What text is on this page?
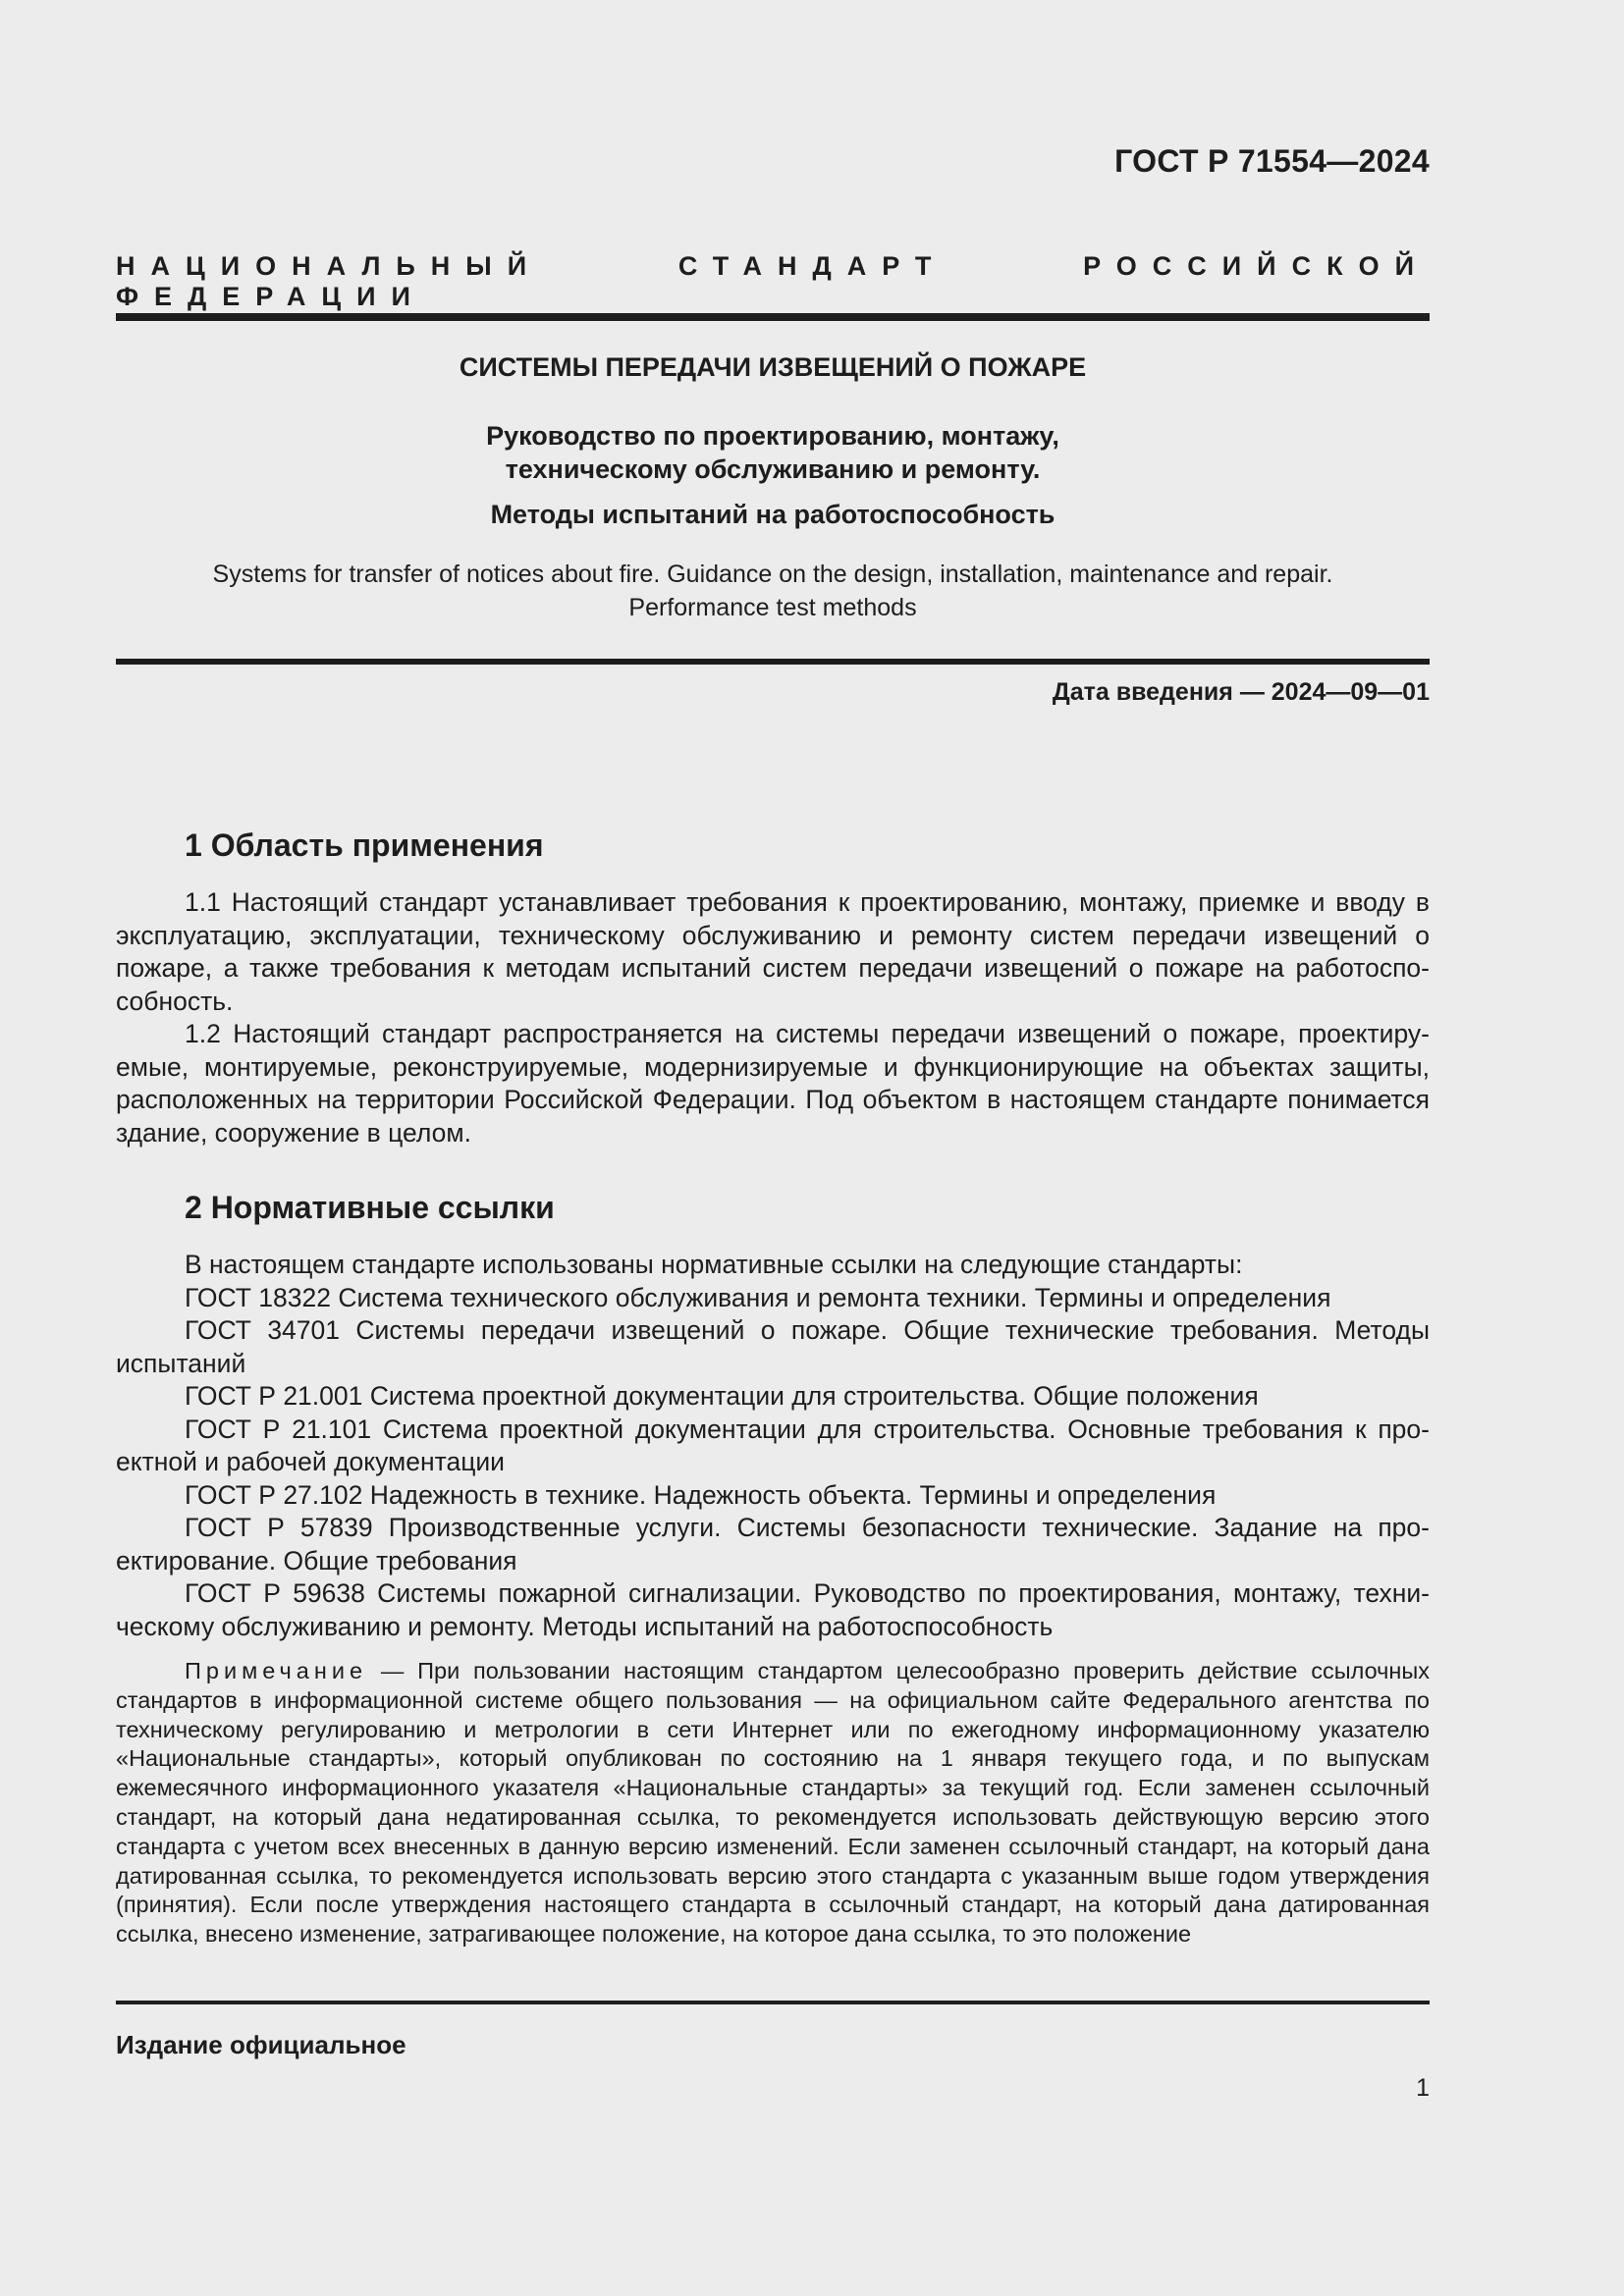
ГОСТ Р 71554—2024
НАЦИОНАЛЬНЫЙ	СТАНДАРТ	РОССИЙСКОЙ ФЕДЕРАЦИИ
СИСТЕМЫ ПЕРЕДАЧИ ИЗВЕЩЕНИЙ О ПОЖАРЕ
Руководство по проектированию, монтажу,
техническому обслуживанию и ремонту.
Методы испытаний на работоспособность
Systems for transfer of notices about fire. Guidance on the design, installation, maintenance and repair.
Performance test methods
Дата введения — 2024—09—01
1 Область применения

1.1 Настоящий стандарт устанавливает требования к проектированию, монтажу, приемке и вводу в эксплуатацию, эксплуатации, техническому обслуживанию и ремонту систем передачи извещений о пожаре, а также требования к методам испытаний систем передачи извещений о пожаре на работоспособность.

1.2 Настоящий стандарт распространяется на системы передачи извещений о пожаре, проектируемые, монтируемые, реконструируемые, модернизируемые и функционирующие на объектах защиты, расположенных на территории Российской Федерации. Под объектом в настоящем стандарте понимается здание, сооружение в целом.

2 Нормативные ссылки

В настоящем стандарте использованы нормативные ссылки на следующие стандарты:

ГОСТ 18322 Система технического обслуживания и ремонта техники. Термины и определения

ГОСТ 34701 Системы передачи извещений о пожаре. Общие технические требования. Методы испытаний

ГОСТ Р 21.001 Система проектной документации для строительства. Общие положения

ГОСТ Р 21.101 Система проектной документации для строительства. Основные требования к проектной и рабочей документации

ГОСТ Р 27.102 Надежность в технике. Надежность объекта. Термины и определения

ГОСТ Р 57839 Производственные услуги. Системы безопасности технические. Задание на проектирование. Общие требования

ГОСТ Р 59638 Системы пожарной сигнализации. Руководство по проектирования, монтажу, техническому обслуживанию и ремонту. Методы испытаний на работоспособность

Примечание — При пользовании настоящим стандартом целесообразно проверить действие ссылочных стандартов в информационной системе общего пользования — на официальном сайте Федерального агентства по техническому регулированию и метрологии в сети Интернет или по ежегодному информационному указателю «Национальные стандарты», который опубликован по состоянию на 1 января текущего года, и по выпускам ежемесячного информационного указателя «Национальные стандарты» за текущий год. Если заменен ссылочный стандарт, на который дана недатированная ссылка, то рекомендуется использовать действующую версию этого стандарта с учетом всех внесенных в данную версию изменений. Если заменен ссылочный стандарт, на который дана датированная ссылка, то рекомендуется использовать версию этого стандарта с указанным выше годом утверждения (принятия). Если после утверждения настоящего стандарта в ссылочный стандарт, на который дана датированная ссылка, внесено изменение, затрагивающее положение, на которое дана ссылка, то это положение

Издание официальное
1
